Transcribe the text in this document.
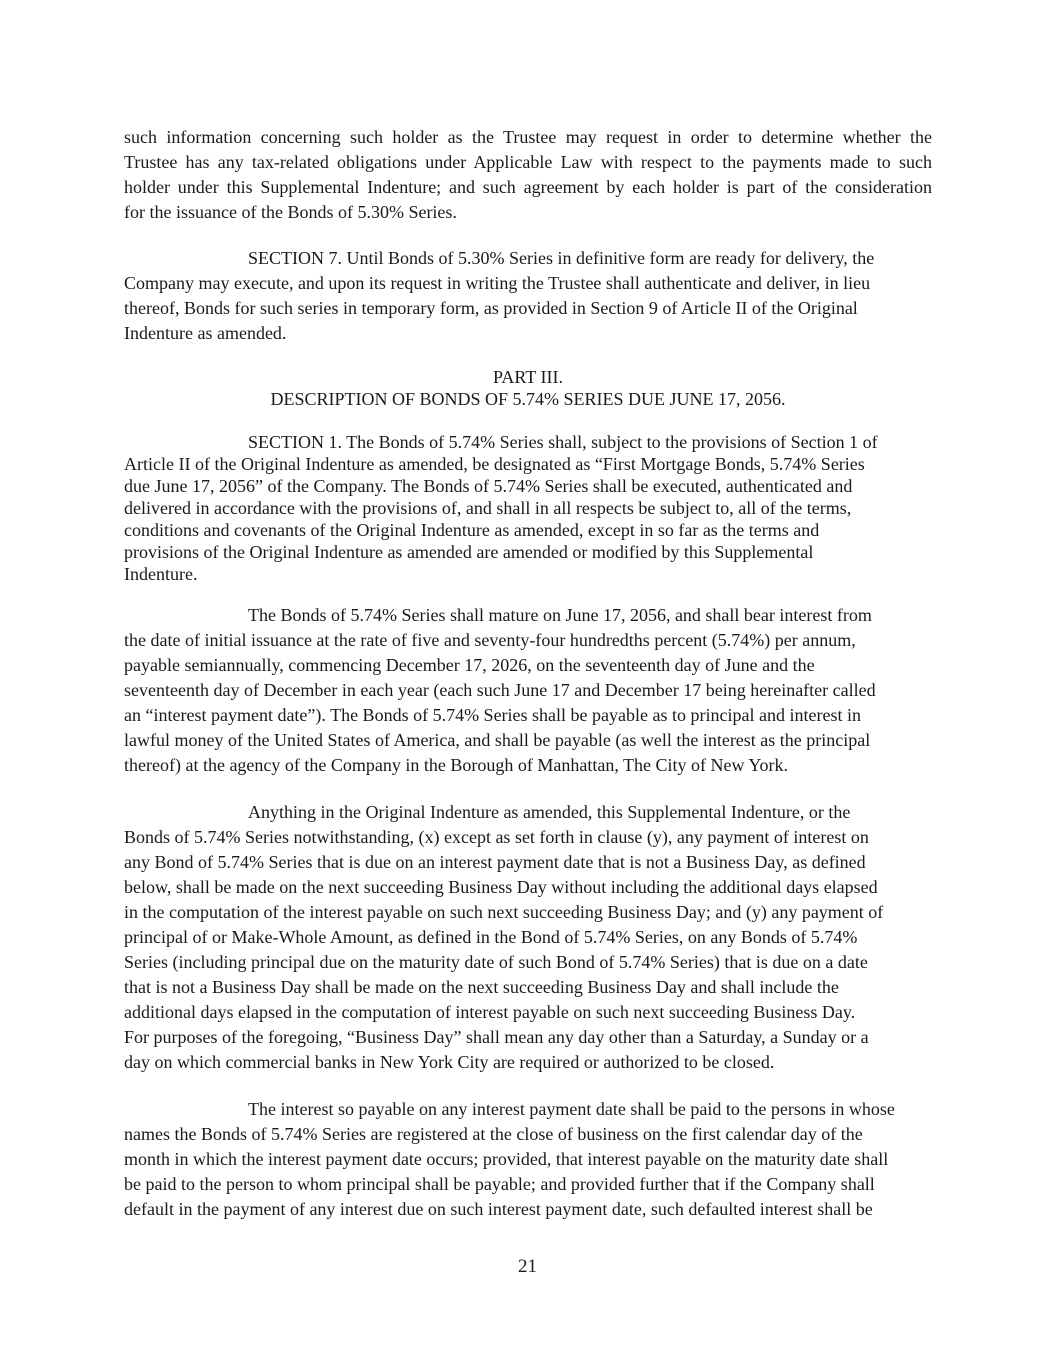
such information concerning such holder as the Trustee may request in order to determine whether the
Trustee has any tax-related obligations under Applicable Law with respect to the payments made to such
holder under this Supplemental Indenture; and such agreement by each holder is part of the consideration
for the issuance of the Bonds of 5.30% Series.
SECTION 7. Until Bonds of 5.30% Series in definitive form are ready for delivery, the
Company may execute, and upon its request in writing the Trustee shall authenticate and deliver, in lieu
thereof, Bonds for such series in temporary form, as provided in Section 9 of Article II of the Original
Indenture as amended.
PART III.
DESCRIPTION OF BONDS OF 5.74% SERIES DUE JUNE 17, 2056.
SECTION 1. The Bonds of 5.74% Series shall, subject to the provisions of Section 1 of
Article II of the Original Indenture as amended, be designated as “First Mortgage Bonds, 5.74% Series
due June 17, 2056” of the Company. The Bonds of 5.74% Series shall be executed, authenticated and
delivered in accordance with the provisions of, and shall in all respects be subject to, all of the terms,
conditions and covenants of the Original Indenture as amended, except in so far as the terms and
provisions of the Original Indenture as amended are amended or modified by this Supplemental
Indenture.
The Bonds of 5.74% Series shall mature on June 17, 2056, and shall bear interest from
the date of initial issuance at the rate of five and seventy-four hundredths percent (5.74%) per annum,
payable semiannually, commencing December 17, 2026, on the seventeenth day of June and the
seventeenth day of December in each year (each such June 17 and December 17 being hereinafter called
an “interest payment date”). The Bonds of 5.74% Series shall be payable as to principal and interest in
lawful money of the United States of America, and shall be payable (as well the interest as the principal
thereof) at the agency of the Company in the Borough of Manhattan, The City of New York.
Anything in the Original Indenture as amended, this Supplemental Indenture, or the
Bonds of 5.74% Series notwithstanding, (x) except as set forth in clause (y), any payment of interest on
any Bond of 5.74% Series that is due on an interest payment date that is not a Business Day, as defined
below, shall be made on the next succeeding Business Day without including the additional days elapsed
in the computation of the interest payable on such next succeeding Business Day; and (y) any payment of
principal of or Make-Whole Amount, as defined in the Bond of 5.74% Series, on any Bonds of 5.74%
Series (including principal due on the maturity date of such Bond of 5.74% Series) that is due on a date
that is not a Business Day shall be made on the next succeeding Business Day and shall include the
additional days elapsed in the computation of interest payable on such next succeeding Business Day.
For purposes of the foregoing, “Business Day” shall mean any day other than a Saturday, a Sunday or a
day on which commercial banks in New York City are required or authorized to be closed.
The interest so payable on any interest payment date shall be paid to the persons in whose
names the Bonds of 5.74% Series are registered at the close of business on the first calendar day of the
month in which the interest payment date occurs; provided, that interest payable on the maturity date shall
be paid to the person to whom principal shall be payable; and provided further that if the Company shall
default in the payment of any interest due on such interest payment date, such defaulted interest shall be
21
